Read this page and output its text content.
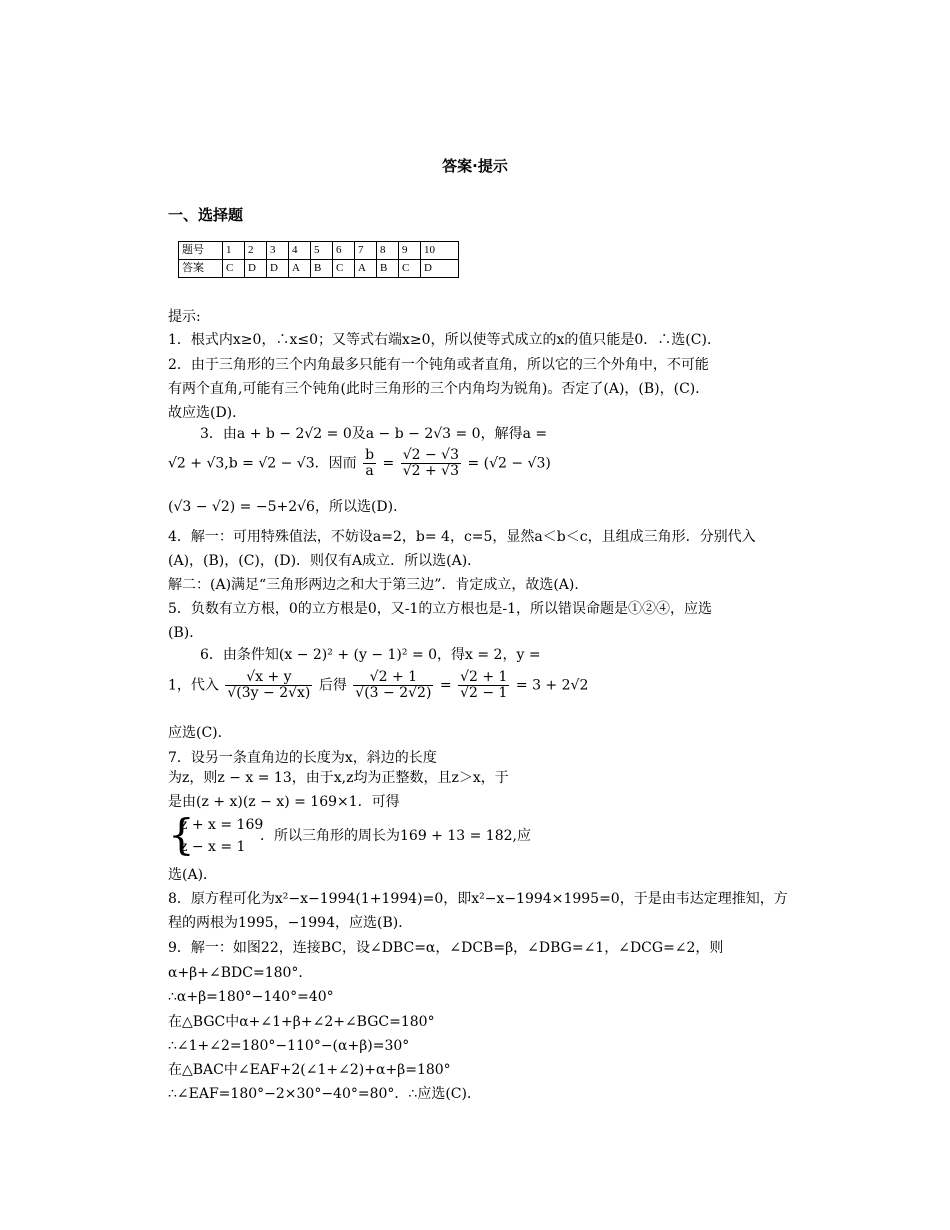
答案·提示
一、选择题
题号	1	2	3	4	5	6	7	8	9	10
答案	C	D	D	A	B	C	A	B	C	D
提示:
1．根式内x≥0，∴x≤0；又等式右端x≥0，所以使等式成立的x的值只能是0．∴选(C)．
2．由于三角形的三个内角最多只能有一个钝角或者直角，所以它的三个外角中，不可能
有两个直角,可能有三个钝角(此时三角形的三个内角均为锐角)。否定了(A)，(B)，(C)．
故应选(D)．
3．由a + b − 2√2 = 0及a − b − 2√3 = 0，解得a =
√2 + √3,b = √2 − √3．因而 $\frac{b}{a} = \frac{√2 - √3}{√2 + √3} = (√2 - √3)$
(√3 − √2) = −5+2√6，所以选(D)．
4．解一：可用特殊值法，不妨设a=2，b= 4，c=5，显然a＜b＜c，且组成三角形．分别代入
(A)，(B)，(C)，(D)．则仅有A成立．所以选(A)．
解二：(A)满足“三角形两边之和大于第三边”．肯定成立，故选(A)．
5．负数有立方根，0的立方根是0，又-1的立方根也是-1，所以错误命题是①②④，应选
(B)．
6．由条件知(x − 2)² + (y − 1)² = 0，得x = 2，y =
1，代入 $\frac{√x + y}{√(3y - 2√x)}$ 后得 $\frac{√2 + 1}{√(3 - 2√2)} = \frac{√2 + 1}{√2 - 1} = 3 + 2√2$
应选(C)．
7．设另一条直角边的长度为x，斜边的长度
为z，则z − x = 13，由于x,z均为正整数，且z＞x，于
是由(z + x)(z − x) = 169×1．可得
{
z + x = 169
z − x = 1
．所以三角形的周长为169 + 13 = 182,应
选(A)．
8．原方程可化为x²−x−1994(1+1994)=0，即x²−x−1994×1995=0，于是由韦达定理推知，方
程的两根为1995，−1994，应选(B)．
9．解一：如图22，连接BC，设∠DBC=α，∠DCB=β，∠DBG=∠1，∠DCG=∠2，则
α+β+∠BDC=180°．
∴α+β=180°−140°=40°
在△BGC中α+∠1+β+∠2+∠BGC=180°
∴∠1+∠2=180°−110°−(α+β)=30°
在△BAC中∠EAF+2(∠1+∠2)+α+β=180°
∴∠EAF=180°−2×30°−40°=80°．∴应选(C)．
